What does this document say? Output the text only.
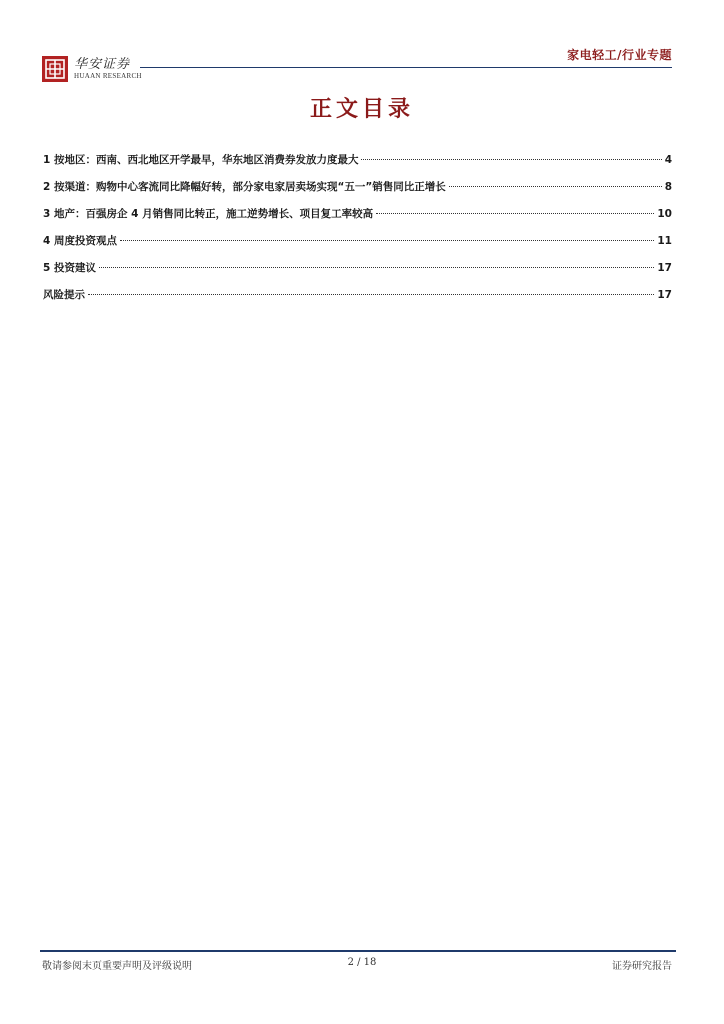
家电轻工/行业专题
华安证券
HUAAN RESEARCH
正文目录
1 按地区：西南、西北地区开学最早，华东地区消费券发放力度最大	4
2 按渠道：购物中心客流同比降幅好转，部分家电家居卖场实现“五一”销售同比正增长	8
3 地产：百强房企 4 月销售同比转正，施工逆势增长、项目复工率较高	10
4 周度投资观点	11
5 投资建议	17
风险提示	17
敬请参阅末页重要声明及评级说明	2 / 18	证券研究报告
